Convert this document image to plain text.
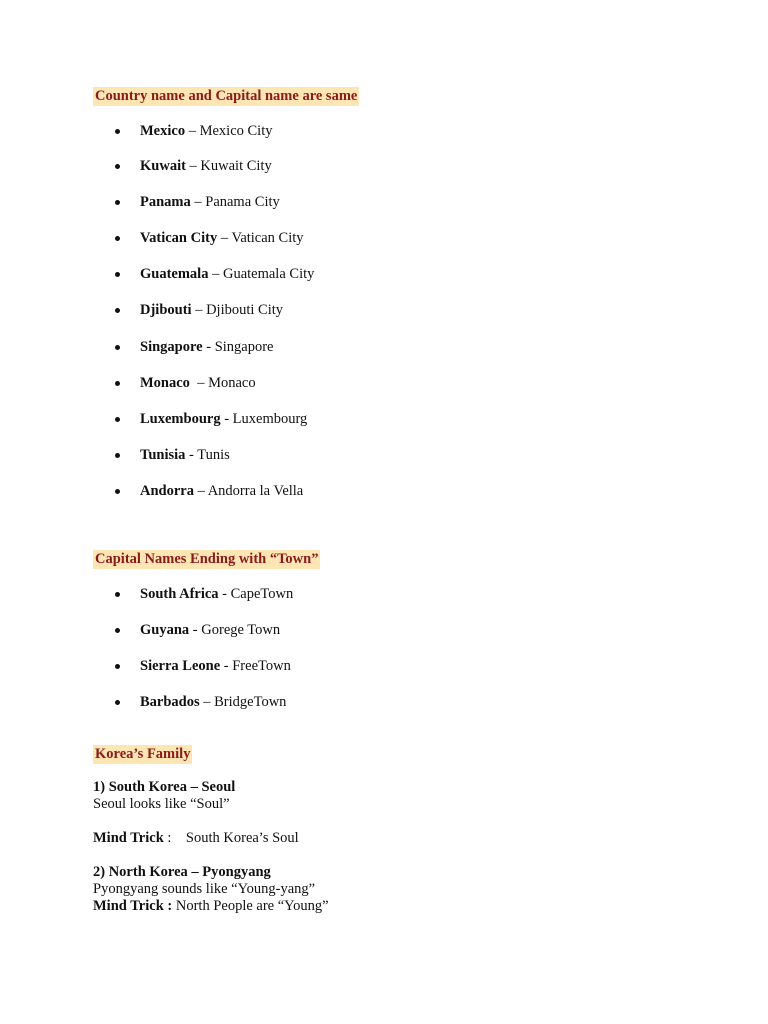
Country name and Capital name are same
Mexico – Mexico City
Kuwait – Kuwait City
Panama – Panama City
Vatican City – Vatican City
Guatemala – Guatemala City
Djibouti – Djibouti City
Singapore - Singapore
Monaco  – Monaco
Luxembourg - Luxembourg
Tunisia - Tunis
Andorra – Andorra la Vella
Capital Names Ending with “Town”
South Africa - CapeTown
Guyana - Gorege Town
Sierra Leone - FreeTown
Barbados – BridgeTown
Korea’s Family
1) South Korea – Seoul
Seoul looks like “Soul”
Mind Trick :    South Korea’s Soul
2) North Korea – Pyongyang
Pyongyang sounds like “Young-yang”
Mind Trick : North People are “Young”
